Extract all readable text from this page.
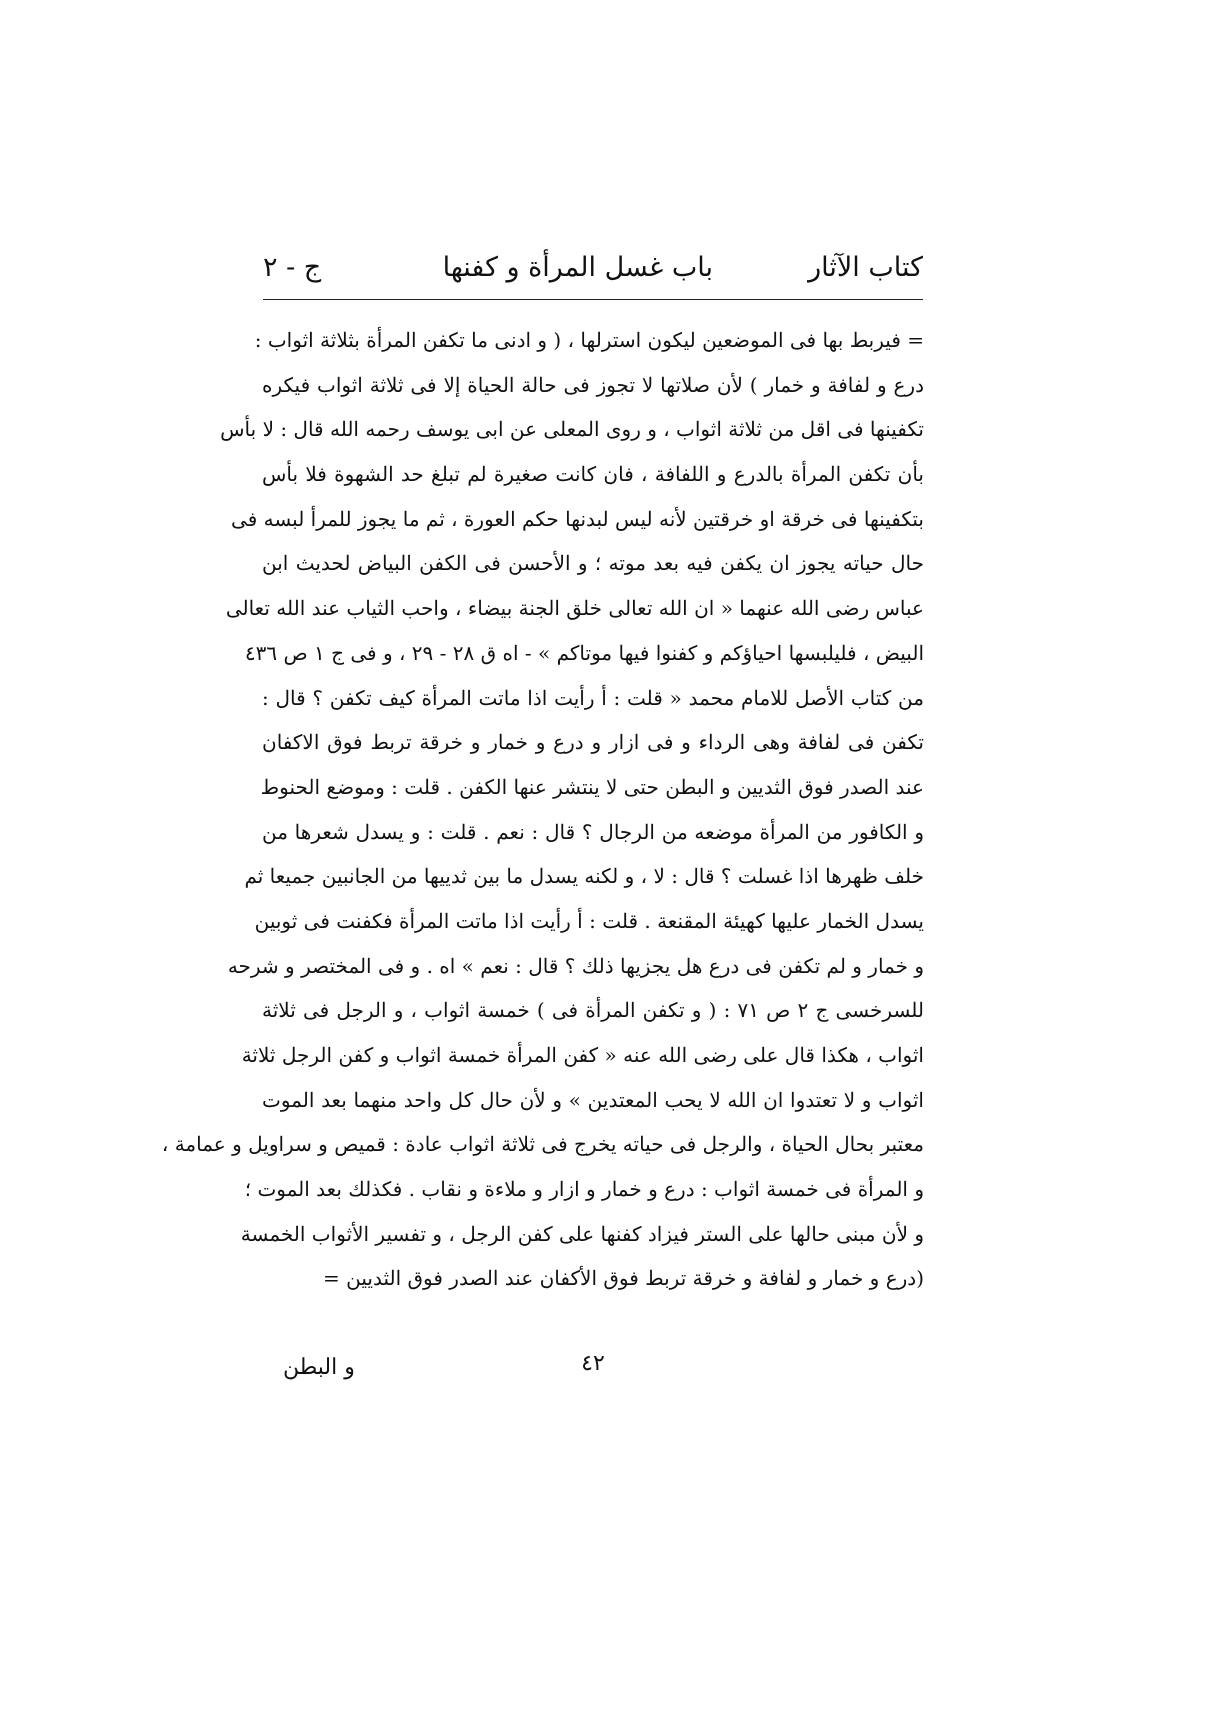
كتاب الآثار
باب غسل المرأة و كفنها
ج - ٢
= فيربط بها فى الموضعين ليكون استرلها ، ( و ادنى ما تكفن المرأة بثلاثة اثواب :
درع و لفافة و خمار ) لأن صلاتها لا تجوز فى حالة الحياة إلا فى ثلاثة اثواب فيكره
تكفينها فى اقل من ثلاثة اثواب ، و روى المعلى عن ابى يوسف رحمه الله قال : لا بأس
بأن تكفن المرأة بالدرع و اللفافة ، فان كانت صغيرة لم تبلغ حد الشهوة فلا بأس
بتكفينها فى خرقة او خرقتين لأنه ليس لبدنها حكم العورة ، ثم ما يجوز للمرأ لبسه فى
حال حياته يجوز ان يكفن فيه بعد موته ؛ و الأحسن فى الكفن البياض لحديث ابن
عباس رضى الله عنهما « ان الله تعالى خلق الجنة بيضاء ، واحب الثياب عند الله تعالى
البيض ، فليلبسها احياؤكم و كفنوا فيها موتاكم » - اه ق ٢٨ - ٢٩ ، و فى ج ١ ص ٤٣٦
من كتاب الأصل للامام محمد « قلت : أ رأيت اذا ماتت المرأة كيف تكفن ؟ قال :
تكفن فى لفافة وهى الرداء و فى ازار و درع و خمار و خرقة تربط فوق الاكفان
عند الصدر فوق الثديين و البطن حتى لا ينتشر عنها الكفن . قلت : وموضع الحنوط
و الكافور من المرأة موضعه من الرجال ؟ قال : نعم . قلت : و يسدل شعرها من
خلف ظهرها اذا غسلت ؟ قال : لا ، و لكنه يسدل ما بين ثدييها من الجانبين جميعا ثم
يسدل الخمار عليها كهيئة المقنعة . قلت : أ رأيت اذا ماتت المرأة فكفنت فى ثوبين
و خمار و لم تكفن فى درع هل يجزيها ذلك ؟ قال : نعم » اه . و فى المختصر و شرحه
للسرخسى ج ٢ ص ٧١ : ( و تكفن المرأة فى ) خمسة اثواب ، و الرجل فى ثلاثة
اثواب ، هكذا قال على رضى الله عنه « كفن المرأة خمسة اثواب و كفن الرجل ثلاثة
اثواب و لا تعتدوا ان الله لا يحب المعتدين » و لأن حال كل واحد منهما بعد الموت
معتبر بحال الحياة ، والرجل فى حياته يخرج فى ثلاثة اثواب عادة : قميص و سراويل و عمامة ،
و المرأة فى خمسة اثواب : درع و خمار و ازار و ملاءة و نقاب . فكذلك بعد الموت ؛
و لأن مبنى حالها على الستر فيزاد كفنها على كفن الرجل ، و تفسير الأثواب الخمسة
(درع و خمار و لفافة و خرقة تربط فوق الأكفان عند الصدر فوق الثديين =
٤٢
و البطن
